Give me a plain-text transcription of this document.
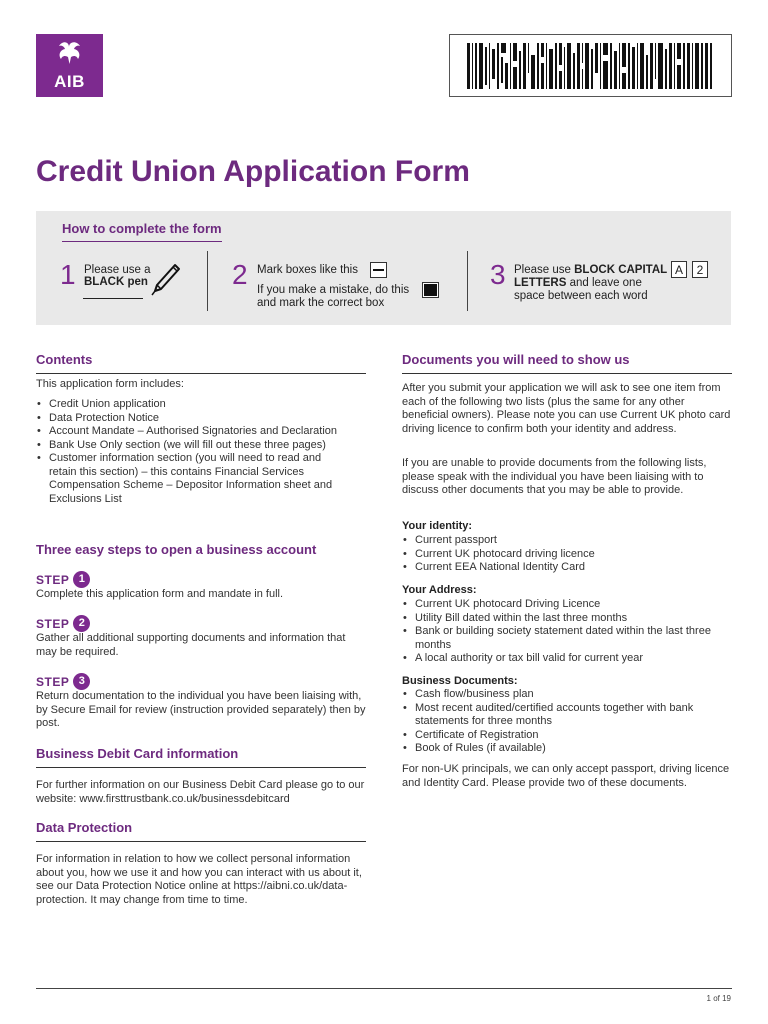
AIB
Credit Union Application Form
How to complete the form
1 Please use a
BLACK pen	2 Mark boxes like this
If you make a mistake, do this
and mark the correct box
3 Please use BLOCK CAPITAL A	2
LETTERS and leave one
space between each word
Contents
This application form includes:
• Credit Union application
• Data Protection Notice
• Account Mandate – Authorised Signatories and Declaration
• Bank Use Only section (we will fill out these three pages)
• Customer information section (you will need to read and retain this section) – this contains Financial Services Compensation Scheme – Depositor Information sheet and Exclusions List
Three easy steps to open a business account
STEP 1
Complete this application form and mandate in full.
STEP 2
Gather all additional supporting documents and information that may be required.
STEP 3
Return documentation to the individual you have been liaising with, by Secure Email for review (instruction provided separately) then by post.
Business Debit Card information
For further information on our Business Debit Card please go to our website: www.firsttrustbank.co.uk/businessdebitcard
Data Protection
For information in relation to how we collect personal information about you, how we use it and how you can interact with us about it, see our Data Protection Notice online at https://aibni.co.uk/data-protection. It may change from time to time.
Documents you will need to show us
After you submit your application we will ask to see one item from each of the following two lists (plus the same for any other beneficial owners). Please note you can use Current UK photo card driving licence to confirm both your identity and address.
If you are unable to provide documents from the following lists, please speak with the individual you have been liaising with to discuss other documents that you may be able to provide.
Your identity:
• Current passport
• Current UK photocard driving licence
• Current EEA National Identity Card
Your Address:
• Current UK photocard Driving Licence
• Utility Bill dated within the last three months
• Bank or building society statement dated within the last three months
• A local authority or tax bill valid for current year
Business Documents:
• Cash flow/business plan
• Most recent audited/certified accounts together with bank statements for three months
• Certificate of Registration
• Book of Rules (if available)
For non-UK principals, we can only accept passport, driving licence and Identity Card. Please provide two of these documents.
1 of 19
